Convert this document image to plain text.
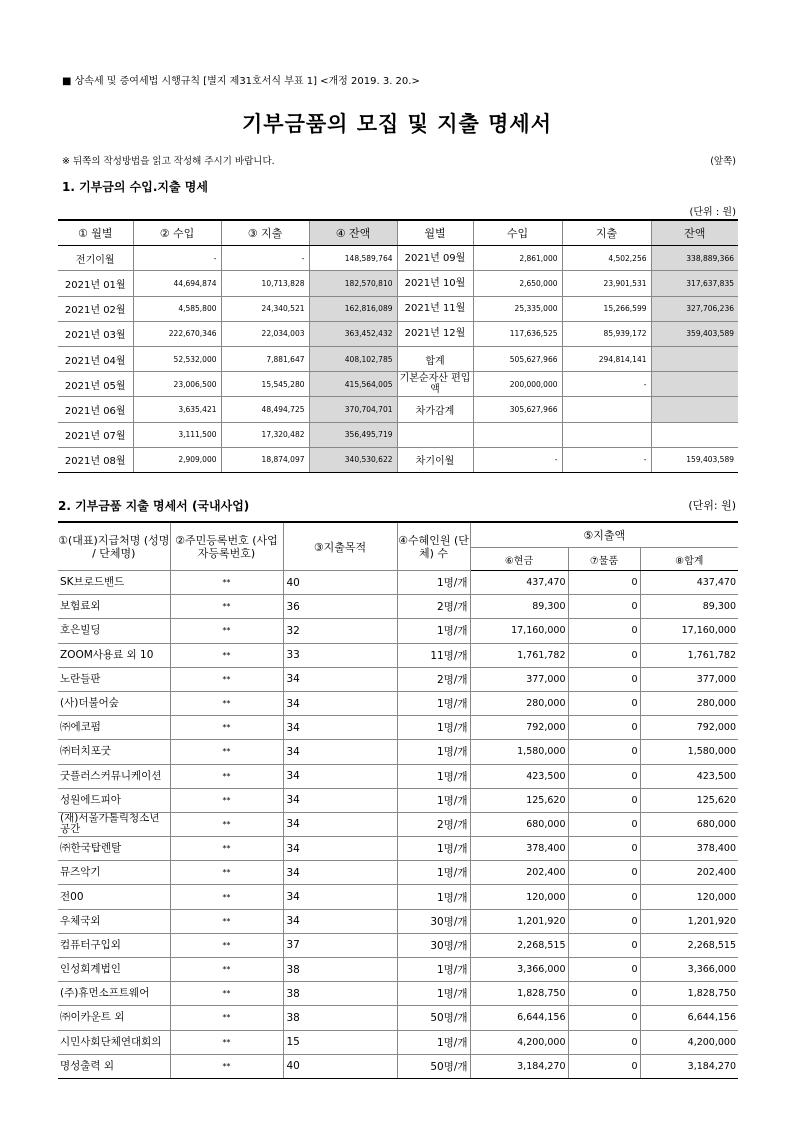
■ 상속세 및 증여세법 시행규칙 [별지 제31호서식 부표 1] <개정 2019. 3. 20.>
기부금품의 모집 및 지출 명세서
※ 뒤쪽의 작성방법을 읽고 작성해 주시기 바랍니다.	(앞쪽)
1. 기부금의 수입.지출 명세
(단위 : 원)
① 월별	② 수입	③ 지출	④ 잔액	월별	수입	지출	잔액
전기이월	-	-	148,589,764	2021년 09월	2,861,000	4,502,256	338,889,366
2021년 01월	44,694,874	10,713,828	182,570,810	2021년 10월	2,650,000	23,901,531	317,637,835
2021년 02월	4,585,800	24,340,521	162,816,089	2021년 11월	25,335,000	15,266,599	327,706,236
2021년 03월	222,670,346	22,034,003	363,452,432	2021년 12월	117,636,525	85,939,172	359,403,589
2021년 04월	52,532,000	7,881,647	408,102,785	합계	505,627,966	294,814,141	
2021년 05월	23,006,500	15,545,280	415,564,005	기본순자산 편입액	200,000,000	-	
2021년 06월	3,635,421	48,494,725	370,704,701	차가감계	305,627,966		
2021년 07월	3,111,500	17,320,482	356,495,719				
2021년 08월	2,909,000	18,874,097	340,530,622	차기이월	-	-	159,403,589
2. 기부금품 지출 명세서 (국내사업)	(단위: 원)
①(대표)지급처명 (성명 / 단체명)	②주민등록번호 (사업자등록번호)	③지출목적	④수혜인원 (단체) 수	⑤지출액		
				⑥현금	⑦물품	⑧합계
SK브로드밴드	**	40	1명/개	437,470	0	437,470
보험료외	**	36	2명/개	89,300	0	89,300
호은빌딩	**	32	1명/개	17,160,000	0	17,160,000
ZOOM사용료 외 10	**	33	11명/개	1,761,782	0	1,761,782
노란들판	**	34	2명/개	377,000	0	377,000
(사)더불어숲	**	34	1명/개	280,000	0	280,000
㈜에코펌	**	34	1명/개	792,000	0	792,000
㈜터치포굿	**	34	1명/개	1,580,000	0	1,580,000
굿플러스커뮤니케이션	**	34	1명/개	423,500	0	423,500
성원에드피아	**	34	1명/개	125,620	0	125,620
(재)서울가톨릭청소년공간	**	34	2명/개	680,000	0	680,000
㈜한국탑렌탈	**	34	1명/개	378,400	0	378,400
뮤즈악기	**	34	1명/개	202,400	0	202,400
전00	**	34	1명/개	120,000	0	120,000
우체국외	**	34	30명/개	1,201,920	0	1,201,920
컴퓨터구입외	**	37	30명/개	2,268,515	0	2,268,515
인성회계법인	**	38	1명/개	3,366,000	0	3,366,000
(주)휴먼소프트웨어	**	38	1명/개	1,828,750	0	1,828,750
㈜이카운트 외	**	38	50명/개	6,644,156	0	6,644,156
시민사회단체연대회의	**	15	1명/개	4,200,000	0	4,200,000
명성출력 외	**	40	50명/개	3,184,270	0	3,184,270
